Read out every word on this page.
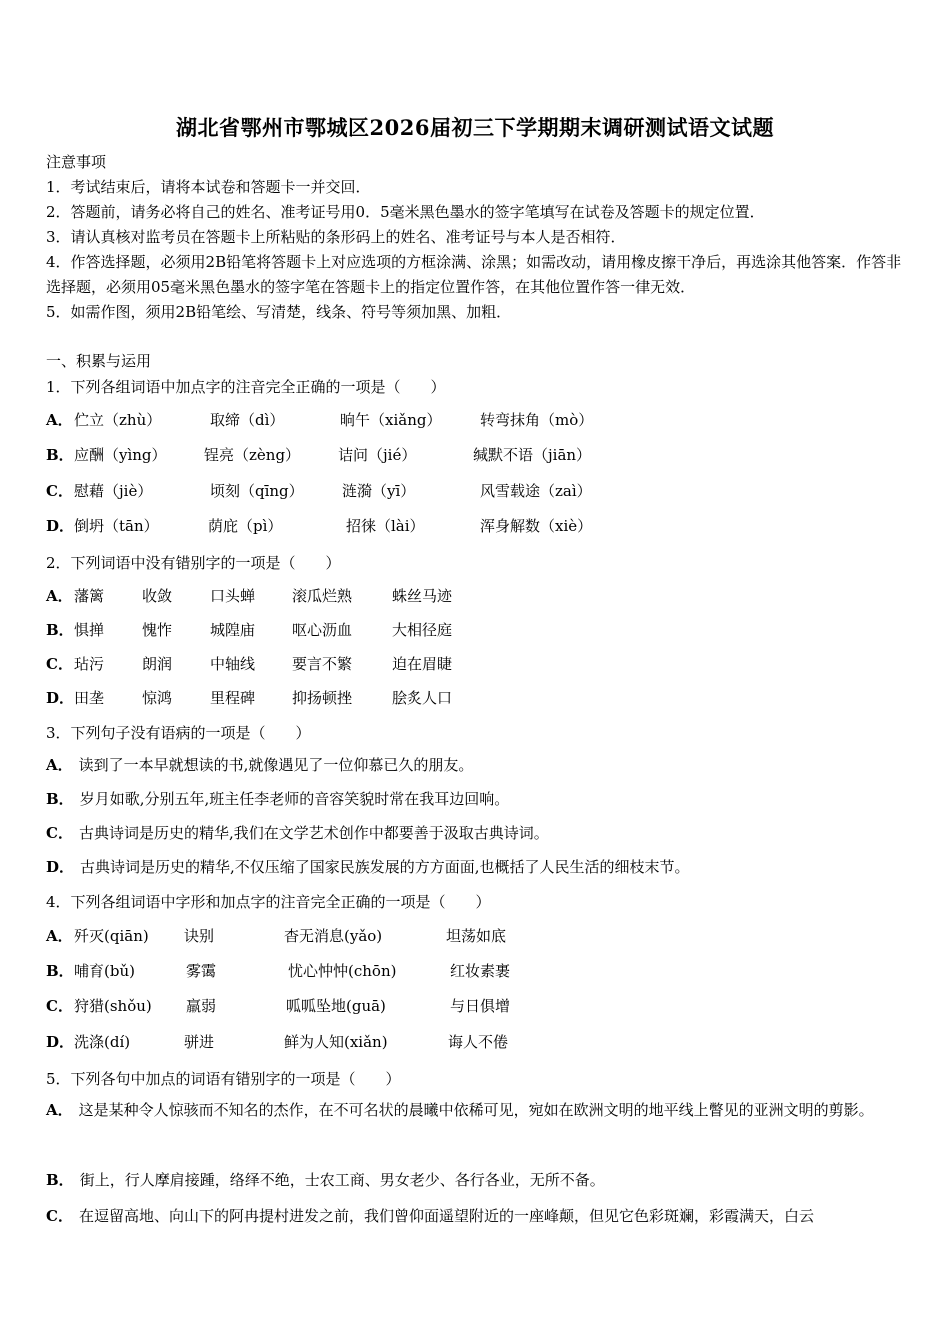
湖北省鄂州市鄂城区2026届初三下学期期末调研测试语文试题
注意事项
1．考试结束后，请将本试卷和答题卡一并交回．
2．答题前，请务必将自己的姓名、准考证号用0．5毫米黑色墨水的签字笔填写在试卷及答题卡的规定位置．
3．请认真核对监考员在答题卡上所粘贴的条形码上的姓名、准考证号与本人是否相符．
4．作答选择题，必须用2B铅笔将答题卡上对应选项的方框涂满、涂黑；如需改动，请用橡皮擦干净后，再选涂其他答案．作答非选择题，必须用05毫米黑色墨水的签字笔在答题卡上的指定位置作答，在其他位置作答一律无效．
5．如需作图，须用2B铅笔绘、写清楚，线条、符号等须加黑、加粗．
一、积累与运用
1．下列各组词语中加点字的注音完全正确的一项是（　　）
A． 伫立（zhù）	取缔（dì）	晌午（xiǎng）	转弯抹角（mò）
B． 应酬（yìng） 锃亮（zèng）	诘问（jié）	缄默不语（jiān）
C． 慰藉（jiè）	顷刻（qīng）	涟漪（yī）	风雪载途（zaì）
D． 倒坍（tān）	荫庇（pì）	招徕（lài）	浑身解数（xiè）
2．下列词语中没有错别字的一项是（　　）
A． 藩篱	收敛	口头蝉 滚瓜烂熟	蛛丝马迹
B． 惧掸	愧怍	城隍庙 呕心沥血	大相径庭
C． 玷污	朗润	中轴线 要言不繁	迫在眉睫
D． 田垄	惊鸿	里程碑 抑扬顿挫	脍炙人口
3．下列句子没有语病的一项是（　　）
A． 读到了一本早就想读的书,就像遇见了一位仰慕已久的朋友。
B． 岁月如歌,分别五年,班主任李老师的音容笑貌时常在我耳边回响。
C． 古典诗词是历史的精华,我们在文学艺术创作中都要善于汲取古典诗词。
D． 古典诗词是历史的精华,不仅压缩了国家民族发展的方方面面,也概括了人民生活的细枝末节。
4．下列各组词语中字形和加点字的注音完全正确的一项是（　　）
A． 歼灭(qiān) 诀别	杳无消息(yǎo)	坦荡如底
B． 哺育(bǔ)	雾霭	忧心忡忡(chōn)	红妆素裹
C． 狩猎(shǒu) 羸弱	呱呱坠地(guā)	与日俱增
D． 洗涤(dí)	骈进	鲜为人知(xiǎn)	诲人不倦
5．下列各句中加点的词语有错别字的一项是（　　）
A． 这是某种令人惊骇而不知名的杰作，在不可名状的晨曦中依稀可见，宛如在欧洲文明的地平线上瞥见的亚洲文明的剪影。
B． 街上，行人摩肩接踵，络绎不绝，士农工商、男女老少、各行各业，无所不备。
C． 在逗留高地、向山下的阿冉提村进发之前，我们曾仰面遥望附近的一座峰颠，但见它色彩斑斓，彩霞满天，白云
